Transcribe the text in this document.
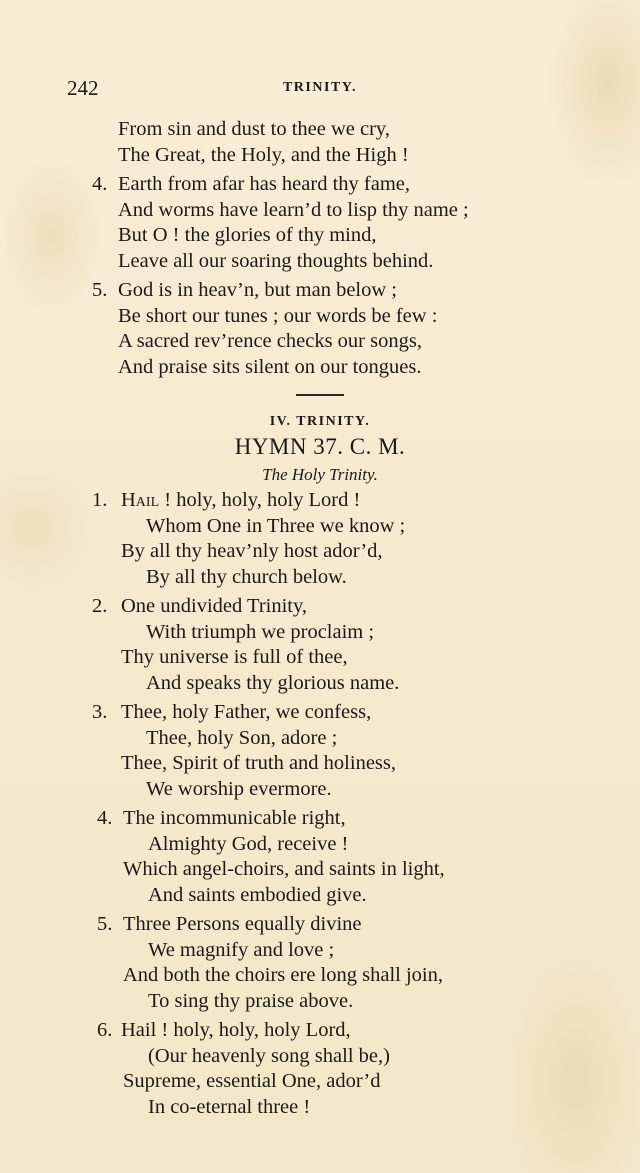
242	TRINITY.
From sin and dust to thee we cry,
The Great, the Holy, and the High !
4. Earth from afar has heard thy fame,
And worms have learn’d to lisp thy name ;
But O ! the glories of thy mind,
Leave all our soaring thoughts behind.
5. God is in heav’n, but man below ;
Be short our tunes ; our words be few :
A sacred rev’rence checks our songs,
And praise sits silent on our tongues.
IV. TRINITY.
HYMN 37. C. M.
The Holy Trinity.
1. Hail ! holy, holy, holy Lord !
Whom One in Three we know ;
By all thy heav’nly host ador’d,
By all thy church below.
2. One undivided Trinity,
With triumph we proclaim ;
Thy universe is full of thee,
And speaks thy glorious name.
3. Thee, holy Father, we confess,
Thee, holy Son, adore ;
Thee, Spirit of truth and holiness,
We worship evermore.
4. The incommunicable right,
Almighty God, receive !
Which angel-choirs, and saints in light,
And saints embodied give.
5. Three Persons equally divine
We magnify and love ;
And both the choirs ere long shall join,
To sing thy praise above.
6. Hail ! holy, holy, holy Lord,
(Our heavenly song shall be,)
Supreme, essential One, ador’d
In co-eternal three !
